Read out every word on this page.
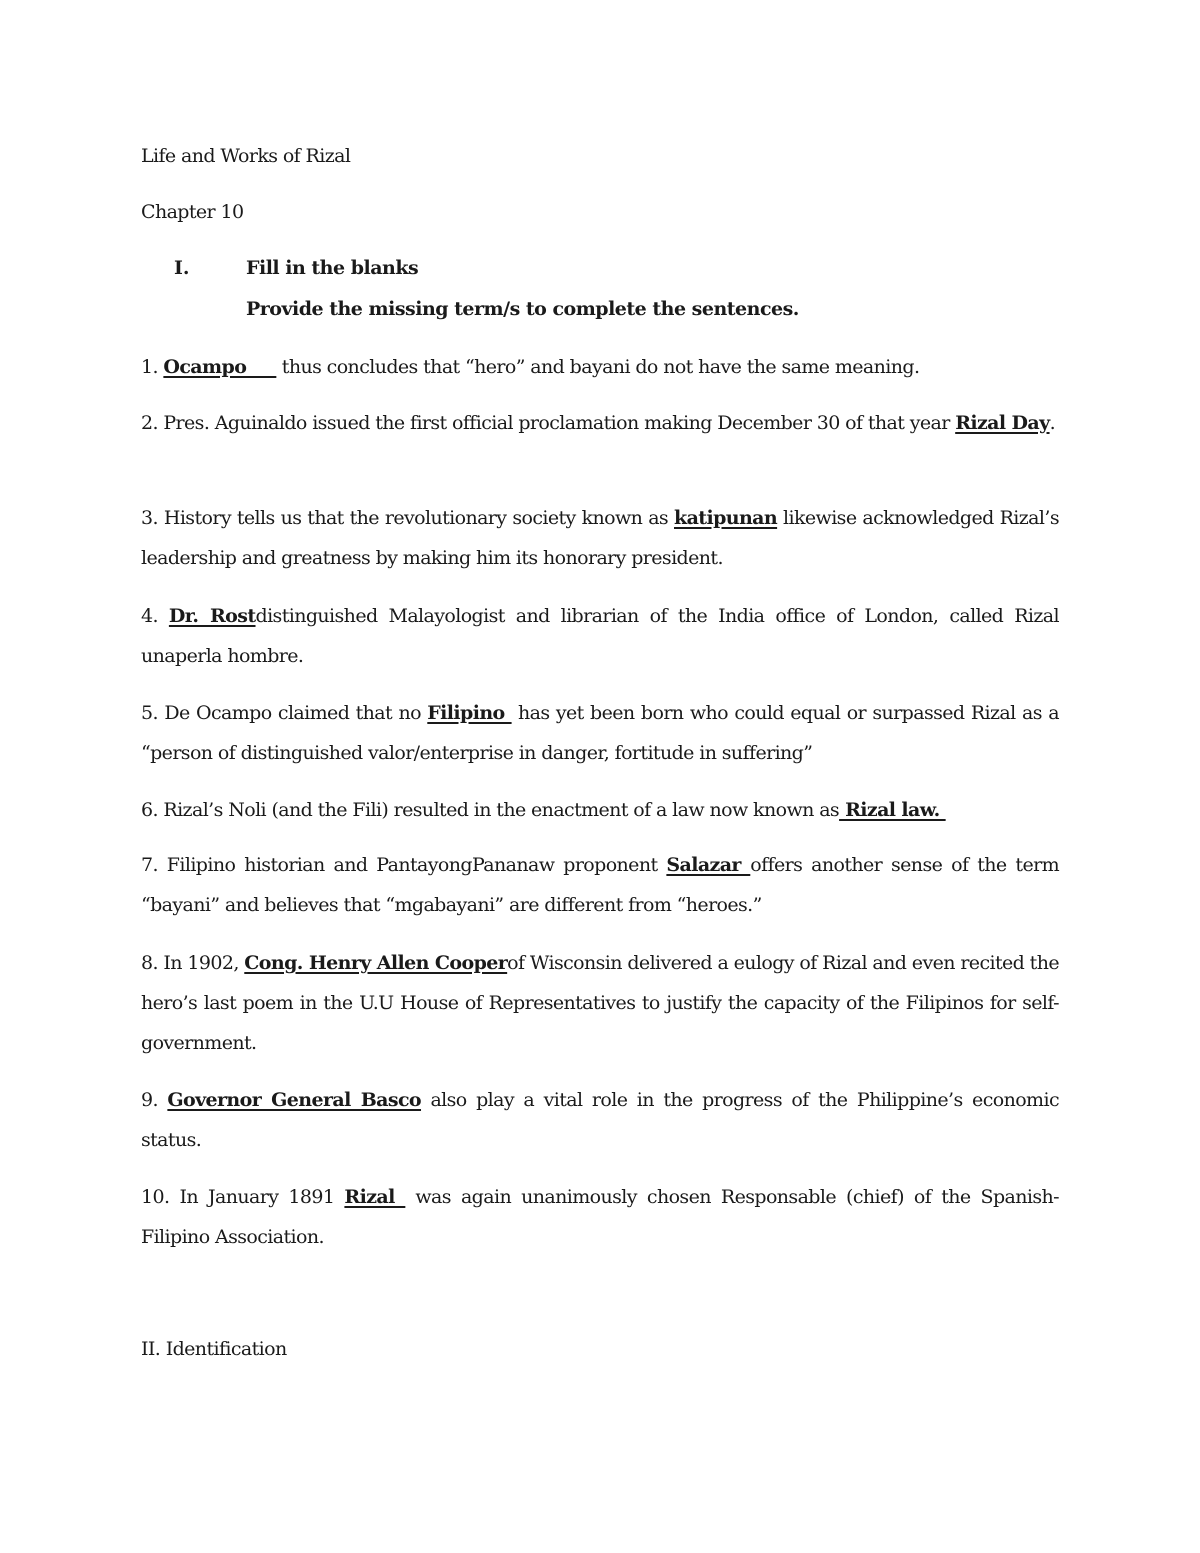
Life and Works of Rizal
Chapter 10
I.	Fill in the blanks
Provide the missing term/s to complete the sentences.
1. Ocampo      thus concludes that “hero” and bayani do not have the same meaning.
2. Pres. Aguinaldo issued the first official proclamation making December 30 of that year Rizal Day.
3. History tells us that the revolutionary society known as katipunan likewise acknowledged Rizal’s leadership and greatness by making him its honorary president.
4. Dr. Rostdistinguished Malayologist and librarian of the India office of London, called Rizal unaperla hombre.
5. De Ocampo claimed that no Filipino  has yet been born who could equal or surpassed Rizal as a “person of distinguished valor/enterprise in danger, fortitude in suffering”
6. Rizal’s Noli (and the Fili) resulted in the enactment of a law now known as Rizal law.
7. Filipino historian and PantayongPananaw proponent Salazar offers another sense of the term “bayani” and believes that “mgabayani” are different from “heroes.”
8. In 1902, Cong. Henry Allen Cooperof Wisconsin delivered a eulogy of Rizal and even recited the hero’s last poem in the U.U House of Representatives to justify the capacity of the Filipinos for self-government.
9. Governor General Basco also play a vital role in the progress of the Philippine’s economic status.
10. In January 1891 Rizal  was again unanimously chosen Responsable (chief) of the Spanish-Filipino Association.
II. Identification
